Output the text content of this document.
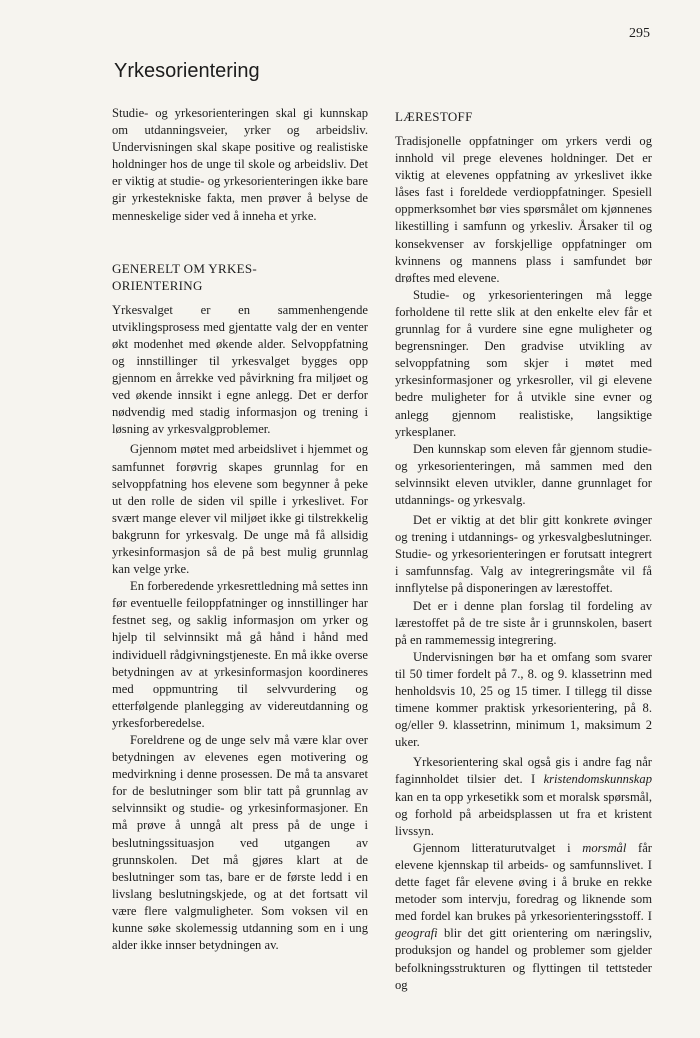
295
Yrkesorientering

Studie- og yrkesorienteringen skal gi kunnskap om utdanningsveier, yrker og arbeidsliv. Undervisningen skal skape positive og realistiske holdninger hos de unge til skole og arbeidsliv. Det er viktig at studie- og yrkesorienteringen ikke bare gir yrkestekniske fakta, men prøver å belyse de menneskelige sider ved å inneha et yrke.

GENERELT OM YRKES-
ORIENTERING

Yrkesvalget er en sammenhengende utviklingsprosess med gjentatte valg der en venter økt modenhet med økende alder. Selvoppfatning og innstillinger til yrkesvalget bygges opp gjennom en årrekke ved påvirkning fra miljøet og ved økende innsikt i egne anlegg. Det er derfor nødvendig med stadig informasjon og trening i løsning av yrkesvalgproblemer.

Gjennom møtet med arbeidslivet i hjemmet og samfunnet forøvrig skapes grunnlag for en selvoppfatning hos elevene som begynner å peke ut den rolle de siden vil spille i yrkeslivet. For svært mange elever vil miljøet ikke gi tilstrekkelig bakgrunn for yrkesvalg. De unge må få allsidig yrkesinformasjon så de på best mulig grunnlag kan velge yrke.

En forberedende yrkesrettledning må settes inn før eventuelle feiloppfatninger og innstillinger har festnet seg, og saklig informasjon om yrker og hjelp til selvinnsikt må gå hånd i hånd med individuell rådgivningstjeneste. En må ikke overse betydningen av at yrkesinformasjon koordineres med oppmuntring til selvvurdering og etterfølgende planlegging av videreutdanning og yrkesforberedelse.

Foreldrene og de unge selv må være klar over betydningen av elevenes egen motivering og medvirkning i denne prosessen. De må ta ansvaret for de beslutninger som blir tatt på grunnlag av selvinnsikt og studie- og yrkesinformasjoner. En må prøve å unngå alt press på de unge i beslutningssituasjon ved utgangen av grunnskolen. Det må gjøres klart at de beslutninger som tas, bare er de første ledd i en livslang beslutningskjede, og at det fortsatt vil være flere valgmuligheter. Som voksen vil en kunne søke skolemessig utdanning som en i ung alder ikke innser betydningen av.

LÆRESTOFF

Tradisjonelle oppfatninger om yrkers verdi og innhold vil prege elevenes holdninger. Det er viktig at elevenes oppfatning av yrkeslivet ikke låses fast i foreldede verdioppfatninger. Spesiell oppmerksomhet bør vies spørsmålet om kjønnenes likestilling i samfunn og yrkesliv. Årsaker til og konsekvenser av forskjellige oppfatninger om kvinnens og mannens plass i samfundet bør drøftes med elevene.

Studie- og yrkesorienteringen må legge forholdene til rette slik at den enkelte elev får et grunnlag for å vurdere sine egne muligheter og begrensninger. Den gradvise utvikling av selvoppfatning som skjer i møtet med yrkesinformasjoner og yrkesroller, vil gi elevene bedre muligheter for å utvikle sine evner og anlegg gjennom realistiske, langsiktige yrkesplaner.

Den kunnskap som eleven får gjennom studie- og yrkesorienteringen, må sammen med den selvinnsikt eleven utvikler, danne grunnlaget for utdannings- og yrkesvalg.

Det er viktig at det blir gitt konkrete øvinger og trening i utdannings- og yrkesvalgbeslutninger. Studie- og yrkesorienteringen er forutsatt integrert i samfunnsfag. Valg av integreringsmåte vil få innflytelse på disponeringen av lærestoffet.

Det er i denne plan forslag til fordeling av lærestoffet på de tre siste år i grunnskolen, basert på en rammemessig integrering.

Undervisningen bør ha et omfang som svarer til 50 timer fordelt på 7., 8. og 9. klassetrinn med henholdsvis 10, 25 og 15 timer. I tillegg til disse timene kommer praktisk yrkesorientering, på 8. og/eller 9. klassetrinn, minimum 1, maksimum 2 uker.

Yrkesorientering skal også gis i andre fag når faginnholdet tilsier det. I kristendomskunnskap kan en ta opp yrkesetikk som et moralsk spørsmål, og forhold på arbeidsplassen ut fra et kristent livssyn.

Gjennom litteraturutvalget i morsmål får elevene kjennskap til arbeids- og samfunnslivet. I dette faget får elevene øving i å bruke en rekke metoder som intervju, foredrag og liknende som med fordel kan brukes på yrkesorienteringsstoff. I geografi blir det gitt orientering om næringsliv, produksjon og handel og problemer som gjelder befolkningsstrukturen og flyttingen til tettsteder og
